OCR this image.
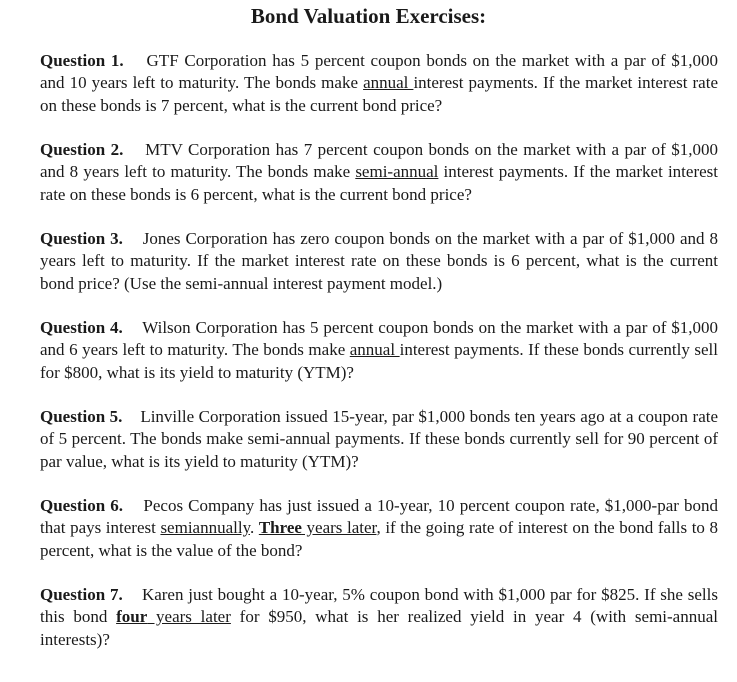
Bond Valuation Exercises:
Question 1. GTF Corporation has 5 percent coupon bonds on the market with a par of $1,000 and 10 years left to maturity. The bonds make annual interest payments. If the market interest rate on these bonds is 7 percent, what is the current bond price?
Question 2. MTV Corporation has 7 percent coupon bonds on the market with a par of $1,000 and 8 years left to maturity. The bonds make semi-annual interest payments. If the market interest rate on these bonds is 6 percent, what is the current bond price?
Question 3. Jones Corporation has zero coupon bonds on the market with a par of $1,000 and 8 years left to maturity. If the market interest rate on these bonds is 6 percent, what is the current bond price? (Use the semi-annual interest payment model.)
Question 4. Wilson Corporation has 5 percent coupon bonds on the market with a par of $1,000 and 6 years left to maturity. The bonds make annual interest payments. If these bonds currently sell for $800, what is its yield to maturity (YTM)?
Question 5. Linville Corporation issued 15-year, par $1,000 bonds ten years ago at a coupon rate of 5 percent. The bonds make semi-annual payments. If these bonds currently sell for 90 percent of par value, what is its yield to maturity (YTM)?
Question 6. Pecos Company has just issued a 10-year, 10 percent coupon rate, $1,000-par bond that pays interest semiannually. Three years later, if the going rate of interest on the bond falls to 8 percent, what is the value of the bond?
Question 7. Karen just bought a 10-year, 5% coupon bond with $1,000 par for $825. If she sells this bond four years later for $950, what is her realized yield in year 4 (with semi-annual interests)?
